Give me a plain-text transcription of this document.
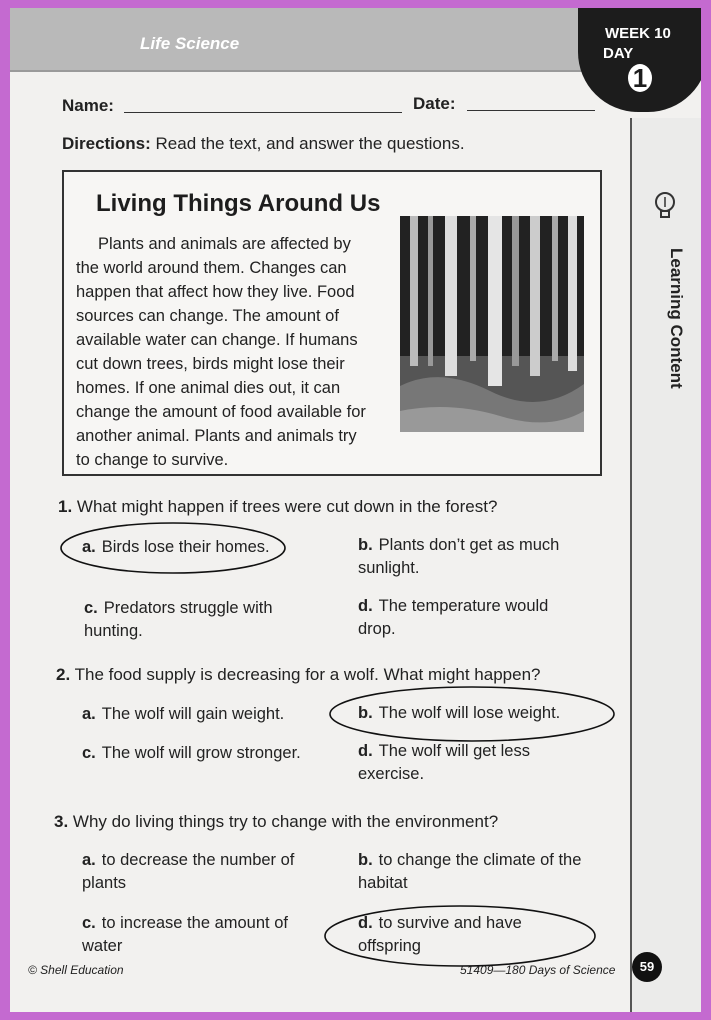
Life Science
WEEK 10
DAY
1
Learning Content
Name:	Date:
Directions: Read the text, and answer the questions.
Living Things Around Us
Plants and animals are affected by the world around them. Changes can happen that affect how they live. Food sources can change. The amount of available water can change. If humans cut down trees, birds might lose their homes. If one animal dies out, it can change the amount of food available for another animal. Plants and animals try to change to survive.
1. What might happen if trees were cut down in the forest?
a. Birds lose their homes.	b. Plants don’t get as much sunlight.
c. Predators struggle with hunting.
d. The temperature would drop.
2. The food supply is decreasing for a wolf. What might happen?
a. The wolf will gain weight.	b. The wolf will lose weight.
c. The wolf will grow stronger.	d. The wolf will get less exercise.
3. Why do living things try to change with the environment?
a. to decrease the number of plants
b. to change the climate of the habitat
c. to increase the amount of water
d. to survive and have offspring
© Shell Education	51409—180 Days of Science	59
